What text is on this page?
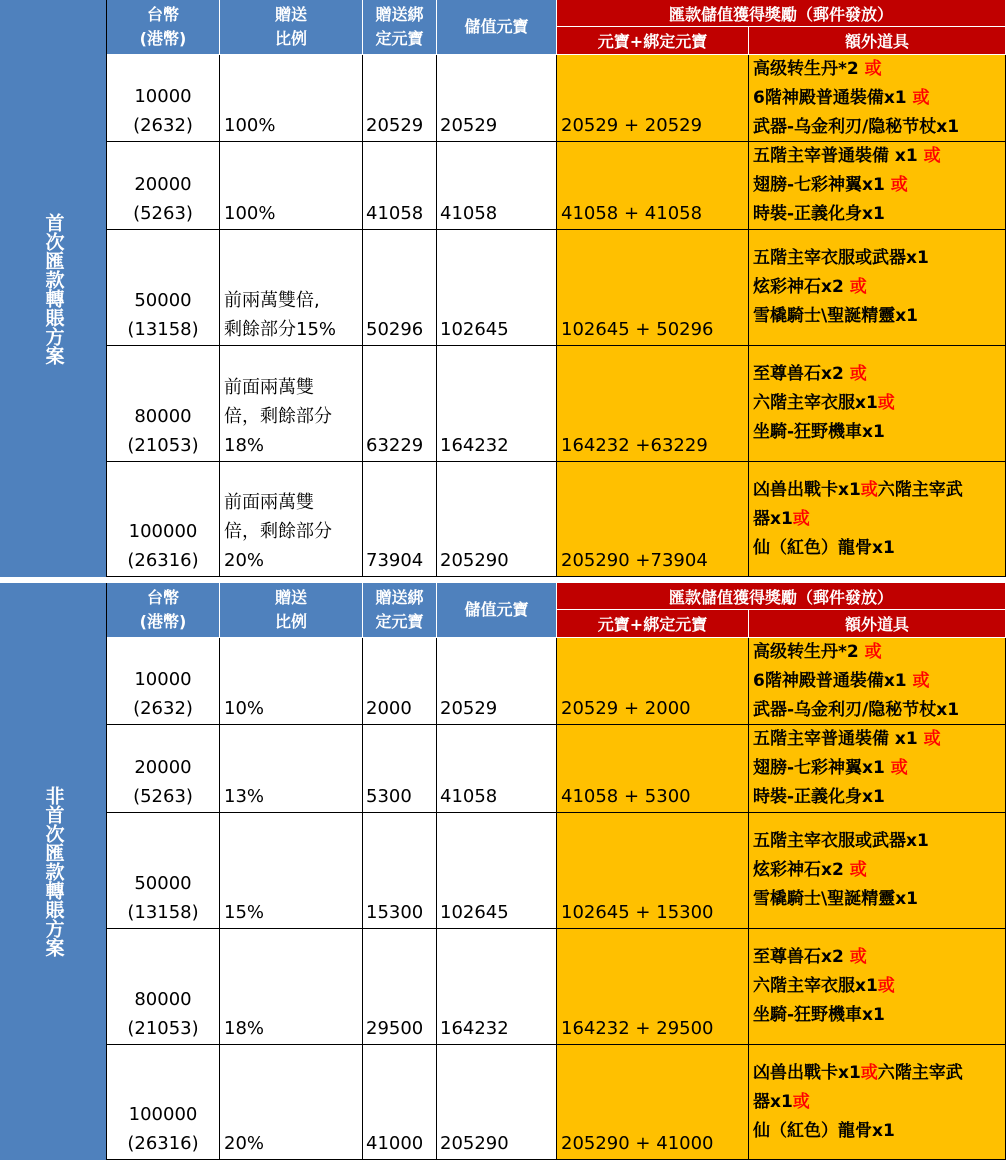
首次匯款轉賬方案
台幣
(港幣)
贈送
比例
贈送綁
定元寶
儲值元寶
匯款儲值獲得獎勵（郵件發放）
元寶+綁定元寶	額外道具
10000
(2632)	100%	20529 20529	20529 + 20529
高级转生丹*2 或
6階神殿普通裝備x1 或
武器-乌金利刃/隐秘节杖x1
20000
(5263)	100%	41058 41058	41058 + 41058
五階主宰普通裝備 x1 或
翅膀-七彩神翼x1 或
時裝-正義化身x1
50000
(13158)
前兩萬雙倍,
剩餘部分15%	50296 102645	102645 + 50296
五階主宰衣服或武器x1
炫彩神石x2 或
雪橇騎士\聖誕精靈x1
80000
(21053)
前面兩萬雙
倍，剩餘部分
18%	63229 164232	164232 +63229
至尊兽石x2 或
六階主宰衣服x1或
坐騎-狂野機車x1
100000
(26316)
前面兩萬雙
倍，剩餘部分
20%	73904 205290	205290 +73904
凶兽出戰卡x1或六階主宰武
器x1或
仙（紅色）龍骨x1
非首次匯款轉賬方案
台幣
(港幣)
贈送
比例
贈送綁
定元寶
儲值元寶
匯款儲值獲得獎勵（郵件發放）
元寶+綁定元寶	額外道具
10000
(2632)	10%	2000	20529	20529 + 2000
高级转生丹*2 或
6階神殿普通裝備x1 或
武器-乌金利刃/隐秘节杖x1
20000
(5263)	13%	5300	41058	41058 + 5300
五階主宰普通裝備 x1 或
翅膀-七彩神翼x1 或
時裝-正義化身x1
50000
(13158)	15%	15300 102645	102645 + 15300
五階主宰衣服或武器x1
炫彩神石x2 或
雪橇騎士\聖誕精靈x1
80000
(21053)	18%	29500 164232	164232 + 29500
至尊兽石x2 或
六階主宰衣服x1或
坐騎-狂野機車x1
100000
(26316)	20%	41000 205290	205290 + 41000
凶兽出戰卡x1或六階主宰武
器x1或
仙（紅色）龍骨x1
